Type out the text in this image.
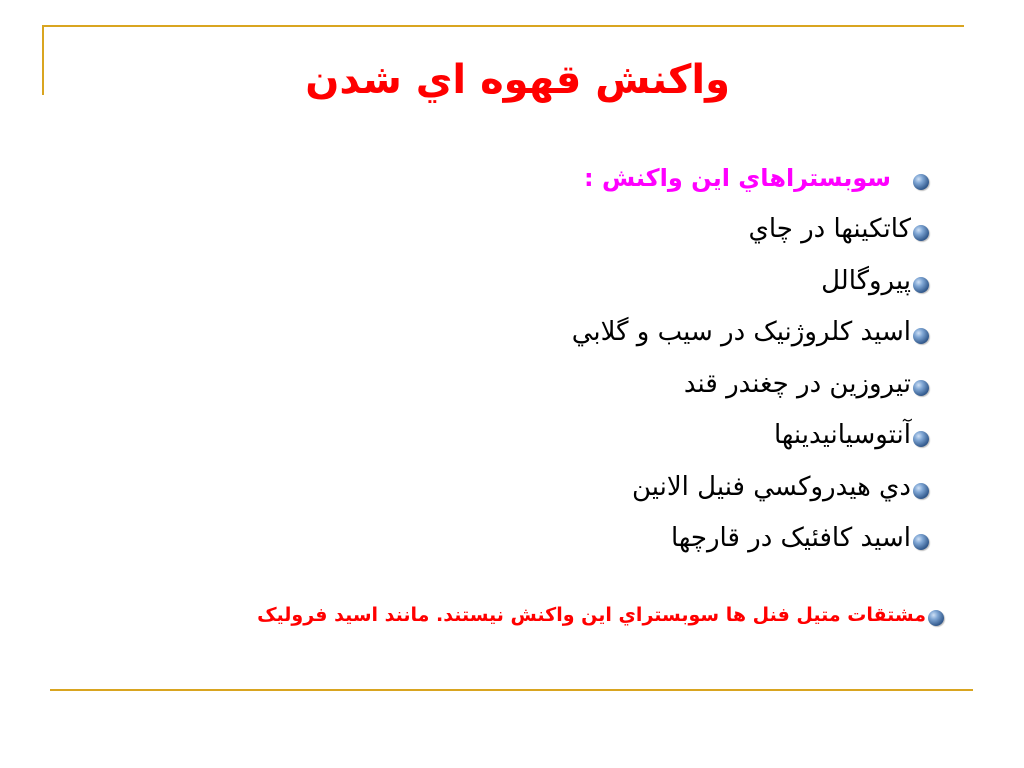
واكنش قهوه اي شدن
سوبستراهاي اين واكنش :
كاتكينها در چاي
پيروگالل
اسيد كلروژنيک در سيب و گلابي
تيروزين در چغندر قند
آنتوسيانيدينها
دي هيدروكسي فنيل الانين
اسيد كافئيک در قارچها
مشتقات متيل فنل ها سوبستراي اين واكنش نيستند. مانند اسيد فروليک
